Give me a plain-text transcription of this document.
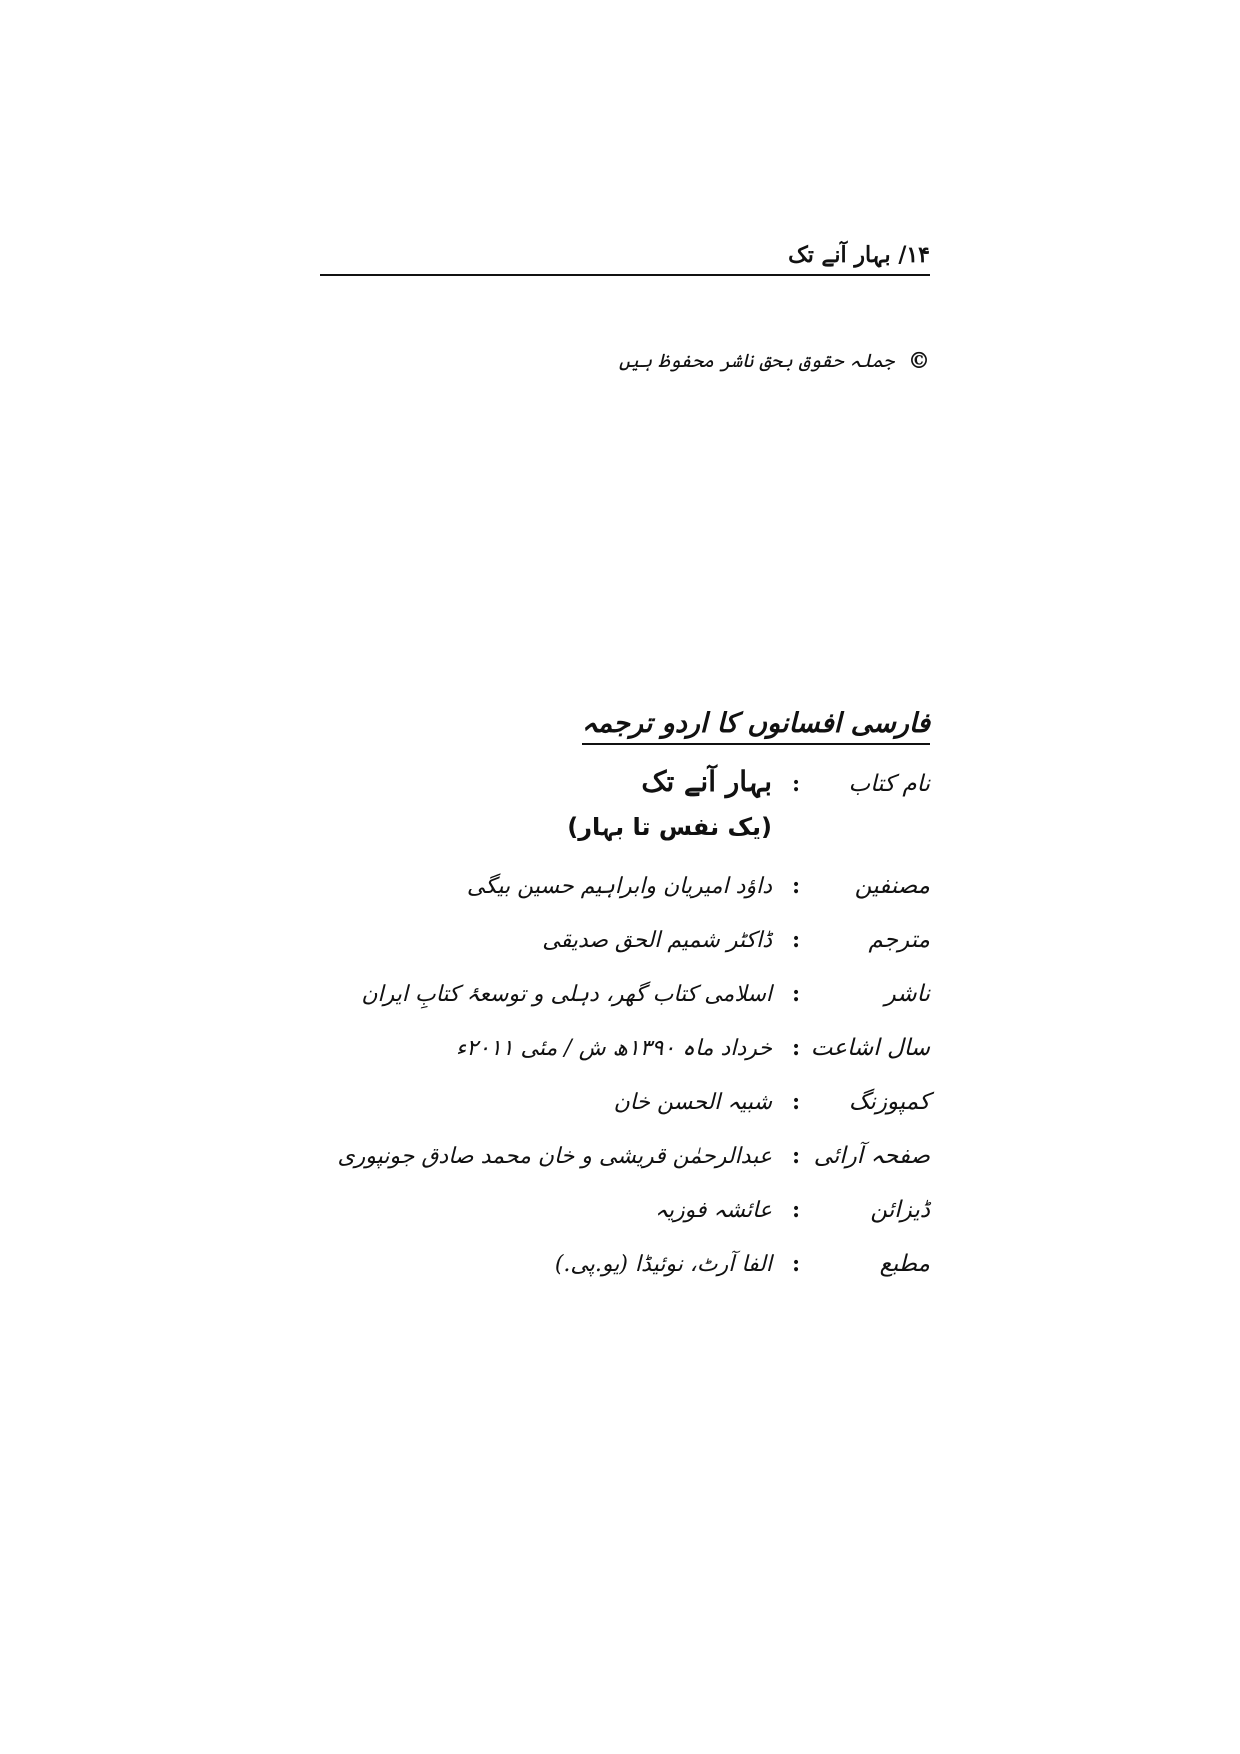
۱۴/ بہار آنے تک
©
جملہ حقوق بحق ناشر محفوظ ہیں
فارسی افسانوں کا اردو ترجمہ
نام کتاب
:
بہار آنے تک
(یک نفس تا بہار)
مصنفین
:
داؤد امیریان وابراہیم حسین بیگی
مترجم
:
ڈاکٹر شمیم الحق صدیقی
ناشر
:
اسلامی کتاب گھر، دہلی و توسعۂ کتابِ ایران
سال اشاعت
:
خرداد ماہ ۱۳۹۰ھ ش / مئی ۲۰۱۱ء
کمپوزنگ
:
شبیہ الحسن خان
صفحہ آرائی
:
عبدالرحمٰن قریشی و خان محمد صادق جونپوری
ڈیزائن
:
عائشہ فوزیہ
مطبع
:
الفا آرٹ، نوئیڈا (یو.پی.)
